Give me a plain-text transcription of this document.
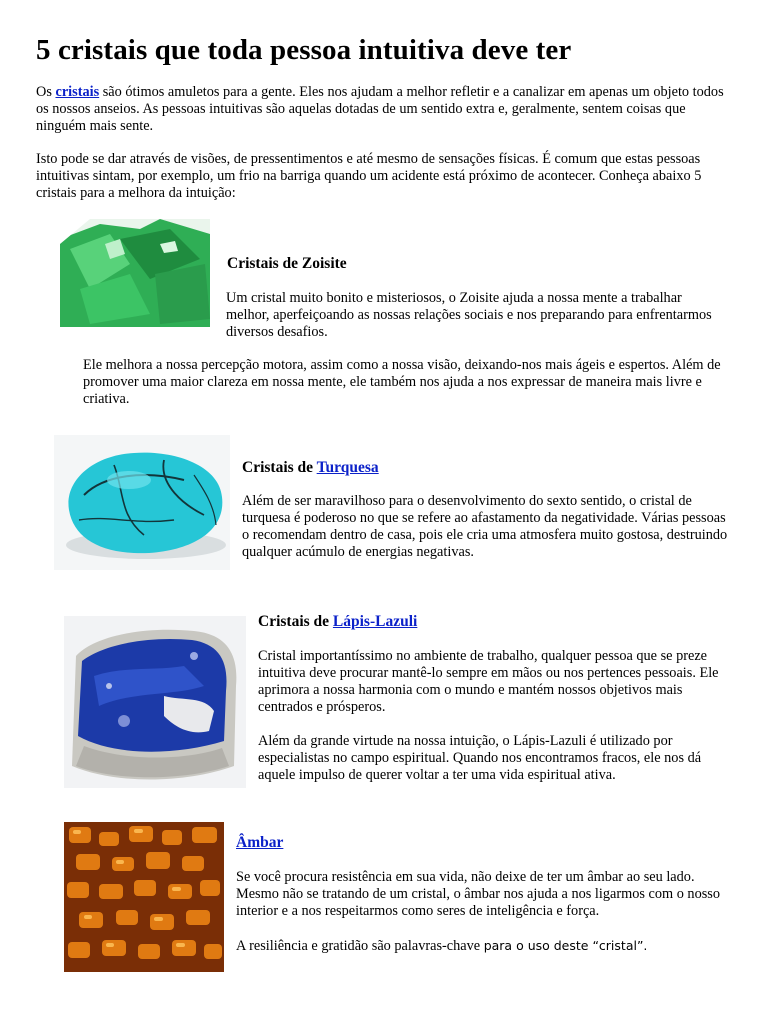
5 cristais que toda pessoa intuitiva deve ter

Os cristais são ótimos amuletos para a gente. Eles nos ajudam a melhor refletir e a canalizar em apenas um objeto todos os nossos anseios. As pessoas intuitivas são aquelas dotadas de um sentido extra e, geralmente, sentem coisas que ninguém mais sente.

Isto pode se dar através de visões, de pressentimentos e até mesmo de sensações físicas. É comum que estas pessoas intuitivas sintam, por exemplo, um frio na barriga quando um acidente está próximo de acontecer. Conheça abaixo 5 cristais para a melhora da intuição:

Cristais de Zoisite

Um cristal muito bonito e misteriosos, o Zoisite ajuda a nossa mente a trabalhar melhor, aperfeiçoando as nossas relações sociais e nos preparando para enfrentarmos diversos desafios.

Ele melhora a nossa percepção motora, assim como a nossa visão, deixando-nos mais ágeis e espertos. Além de promover uma maior clareza em nossa mente, ele também nos ajuda a nos expressar de maneira mais livre e criativa.

Cristais de Turquesa

Além de ser maravilhoso para o desenvolvimento do sexto sentido, o cristal de turquesa é poderoso no que se refere ao afastamento da negatividade. Várias pessoas o recomendam dentro de casa, pois ele cria uma atmosfera muito gostosa, destruindo qualquer acúmulo de energias negativas.

Cristais de Lápis-Lazuli

Cristal importantíssimo no ambiente de trabalho, qualquer pessoa que se preze intuitiva deve procurar mantê-lo sempre em mãos ou nos pertences pessoais. Ele aprimora a nossa harmonia com o mundo e mantém nossos objetivos mais centrados e prósperos.

Além da grande virtude na nossa intuição, o Lápis-Lazuli é utilizado por especialistas no campo espiritual. Quando nos encontramos fracos, ele nos dá aquele impulso de querer voltar a ter uma vida espiritual ativa.

Âmbar

Se você procura resistência em sua vida, não deixe de ter um âmbar ao seu lado. Mesmo não se tratando de um cristal, o âmbar nos ajuda a nos ligarmos com o nosso interior e a nos respeitarmos como seres de inteligência e força.

A resiliência e gratidão são palavras-chave para o uso deste “cristal”.
